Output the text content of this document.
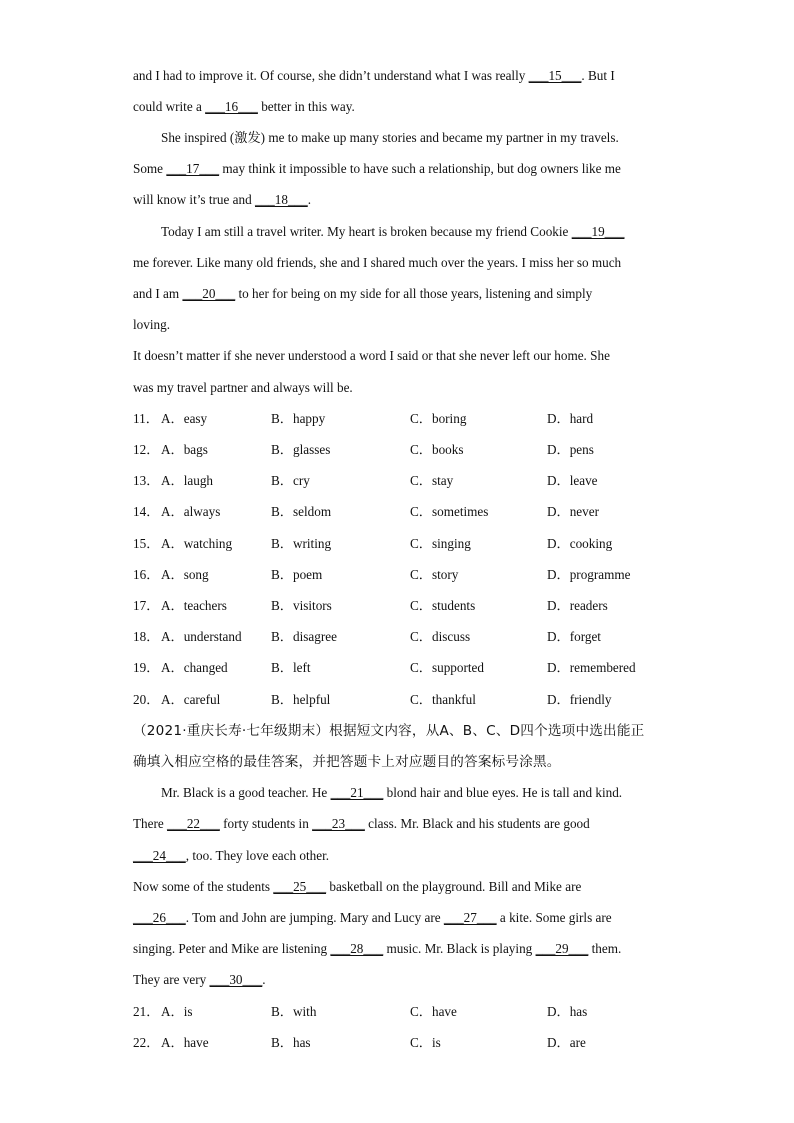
and I had to improve it. Of course, she didn’t understand what I was really ___15___. But I
could write a ___16___ better in this way.
She inspired (激发) me to make up many stories and became my partner in my travels.
Some ___17___ may think it impossible to have such a relationship, but dog owners like me
will know it’s true and ___18___.
Today I am still a travel writer. My heart is broken because my friend Cookie ___19___
me forever. Like many old friends, she and I shared much over the years. I miss her so much
and I am ___20___ to her for being on my side for all those years, listening and simply
loving.
It doesn’t matter if she never understood a word I said or that she never left our home. She
was my travel partner and always will be.
11． A．easy	B．happy	C．boring	D．hard
12． A．bags	B．glasses	C．books	D．pens
13． A．laugh	B．cry	C．stay	D．leave
14． A．always	B．seldom	C．sometimes	D．never
15． A．watching	B．writing	C．singing	D．cooking
16． A．song	B．poem	C．story	D．programme
17． A．teachers	B．visitors	C．students	D．readers
18． A．understand B．disagree	C．discuss	D．forget
19． A．changed	B．left	C．supported	D．remembered
20． A．careful	B．helpful	C．thankful	D．friendly
（2021·重庆长寿·七年级期末）根据短文内容，从A、B、C、D四个选项中选出能正
确填入相应空格的最佳答案，并把答题卡上对应题目的答案标号涂黑。
Mr. Black is a good teacher. He ___21___ blond hair and blue eyes. He is tall and kind.
There ___22___ forty students in ___23___ class. Mr. Black and his students are good
___24___, too. They love each other.
Now some of the students ___25___ basketball on the playground. Bill and Mike are
___26___. Tom and John are jumping. Mary and Lucy are ___27___ a kite. Some girls are
singing. Peter and Mike are listening ___28___ music. Mr. Black is playing ___29___ them.
They are very ___30___.
21． A．is	B．with	C．have	D．has
22． A．have	B．has	C．is	D．are
